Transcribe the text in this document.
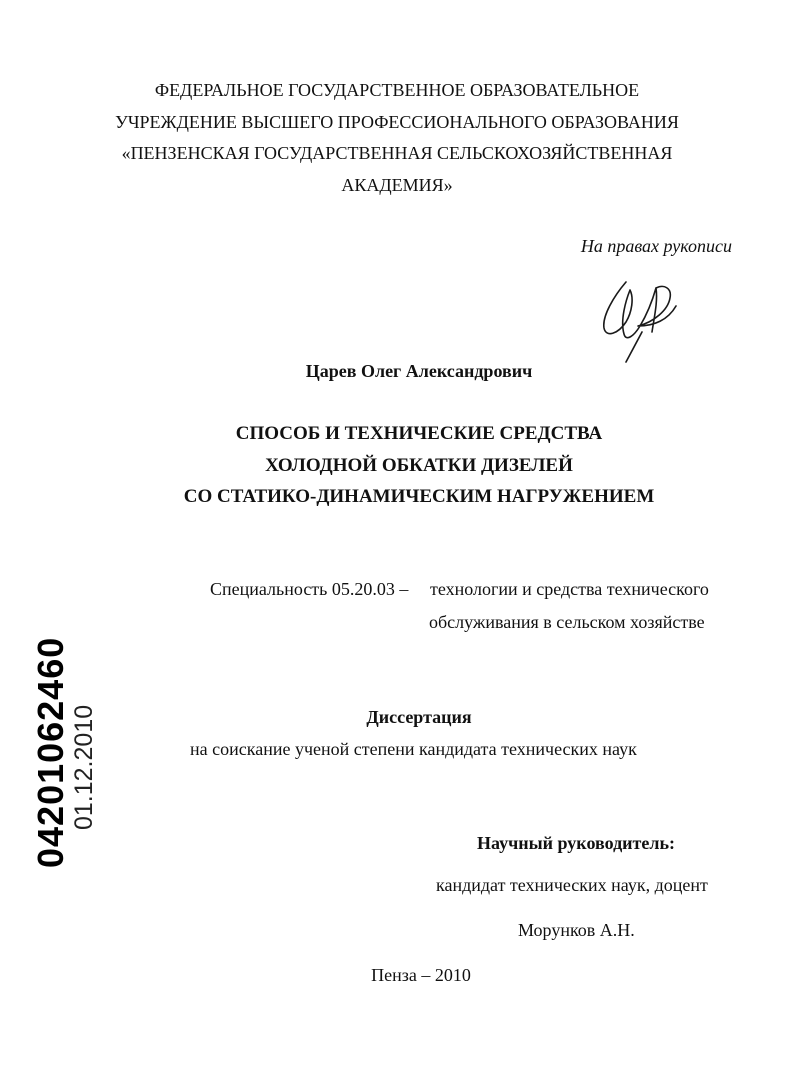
ФЕДЕРАЛЬНОЕ ГОСУДАРСТВЕННОЕ ОБРАЗОВАТЕЛЬНОЕ
УЧРЕЖДЕНИЕ ВЫСШЕГО ПРОФЕССИОНАЛЬНОГО ОБРАЗОВАНИЯ
«ПЕНЗЕНСКАЯ ГОСУДАРСТВЕННАЯ СЕЛЬСКОХОЗЯЙСТВЕННАЯ
АКАДЕМИЯ»
На правах рукописи
Царев Олег Александрович
СПОСОБ И ТЕХНИЧЕСКИЕ СРЕДСТВА
ХОЛОДНОЙ ОБКАТКИ ДИЗЕЛЕЙ
СО СТАТИКО-ДИНАМИЧЕСКИМ НАГРУЖЕНИЕМ
Специальность 05.20.03 – технологии и средства технического
обслуживания в сельском хозяйстве
Диссертация
на соискание ученой степени кандидата технических наук
Научный руководитель:
кандидат технических наук, доцент
Морунков А.Н.
Пенза – 2010
04201062460 01.12.2010
